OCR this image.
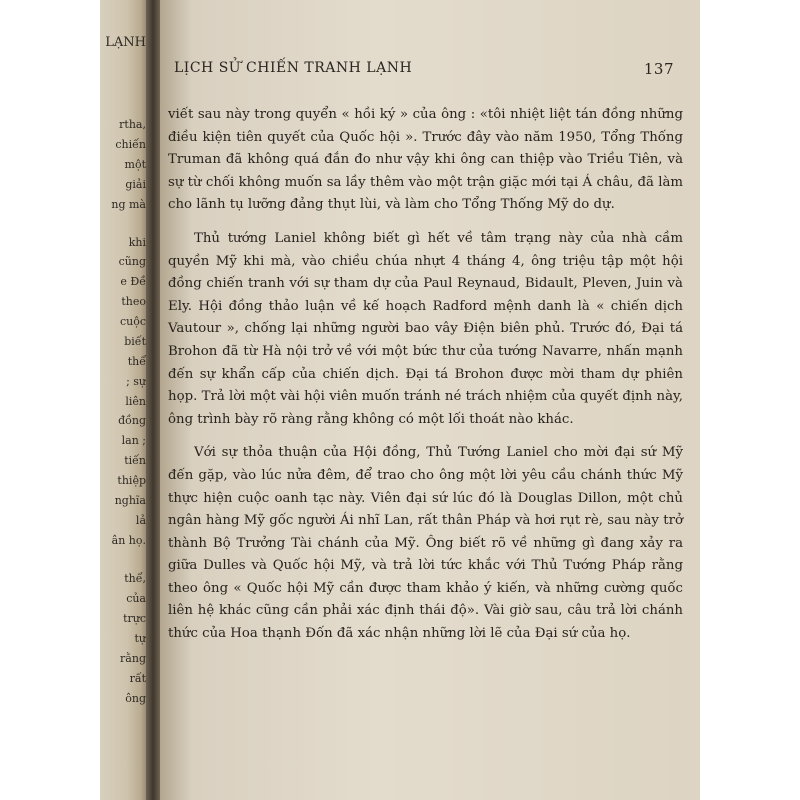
LẠNH
rtha,
chiến
một
giải
ng mà
khi
cũng
e Đề
theo
cuộc
biết
thể
; sự
liên
đồng
lan ;
tiến
thiệp
nghĩa
lả
ân họ.
thể,
của
trực
tự
rằng
rất
ông
LỊCH SỬ CHIẾN TRANH LẠNH	137

viết sau này trong quyển « hồi ký » của ông : «tôi nhiệt liệt tán đồng những điều kiện tiên quyết của Quốc hội ». Trước đây vào năm 1950, Tổng Thống Truman đã không quá đắn đo như vậy khi ông can thiệp vào Triều Tiên, và sự từ chối không muốn sa lầy thêm vào một trận giặc mới tại Á châu, đã làm cho lãnh tụ lưỡng đảng thụt lùi, và làm cho Tổng Thống Mỹ do dự.

Thủ tướng Laniel không biết gì hết về tâm trạng này của nhà cầm quyền Mỹ khi mà, vào chiều chúa nhựt 4 tháng 4, ông triệu tập một hội đồng chiến tranh với sự tham dự của Paul Reynaud, Bidault, Pleven, Juin và Ely. Hội đồng thảo luận về kế hoạch Radford mệnh danh là « chiến dịch Vautour », chống lại những người bao vây Điện biên phủ. Trước đó, Đại tá Brohon đã từ Hà nội trở về với một bức thư của tướng Navarre, nhấn mạnh đến sự khẩn cấp của chiến dịch. Đại tá Brohon được mời tham dự phiên họp. Trả lời một vài hội viên muốn tránh né trách nhiệm của quyết định này, ông trình bày rõ ràng rằng không có một lối thoát nào khác.

Với sự thỏa thuận của Hội đồng, Thủ Tướng Laniel cho mời đại sứ Mỹ đến gặp, vào lúc nửa đêm, để trao cho ông một lời yêu cầu chánh thức Mỹ thực hiện cuộc oanh tạc này. Viên đại sứ lúc đó là Douglas Dillon, một chủ ngân hàng Mỹ gốc người Ái nhĩ Lan, rất thân Pháp và hơi rụt rè, sau này trở thành Bộ Trưởng Tài chánh của Mỹ. Ông biết rõ về những gì đang xảy ra giữa Dulles và Quốc hội Mỹ, và trả lời tức khắc với Thủ Tướng Pháp rằng theo ông « Quốc hội Mỹ cần được tham khảo ý kiến, và những cường quốc liên hệ khác cũng cần phải xác định thái độ». Vài giờ sau, câu trả lời chánh thức của Hoa thạnh Đốn đã xác nhận những lời lẽ của Đại sứ của họ.
